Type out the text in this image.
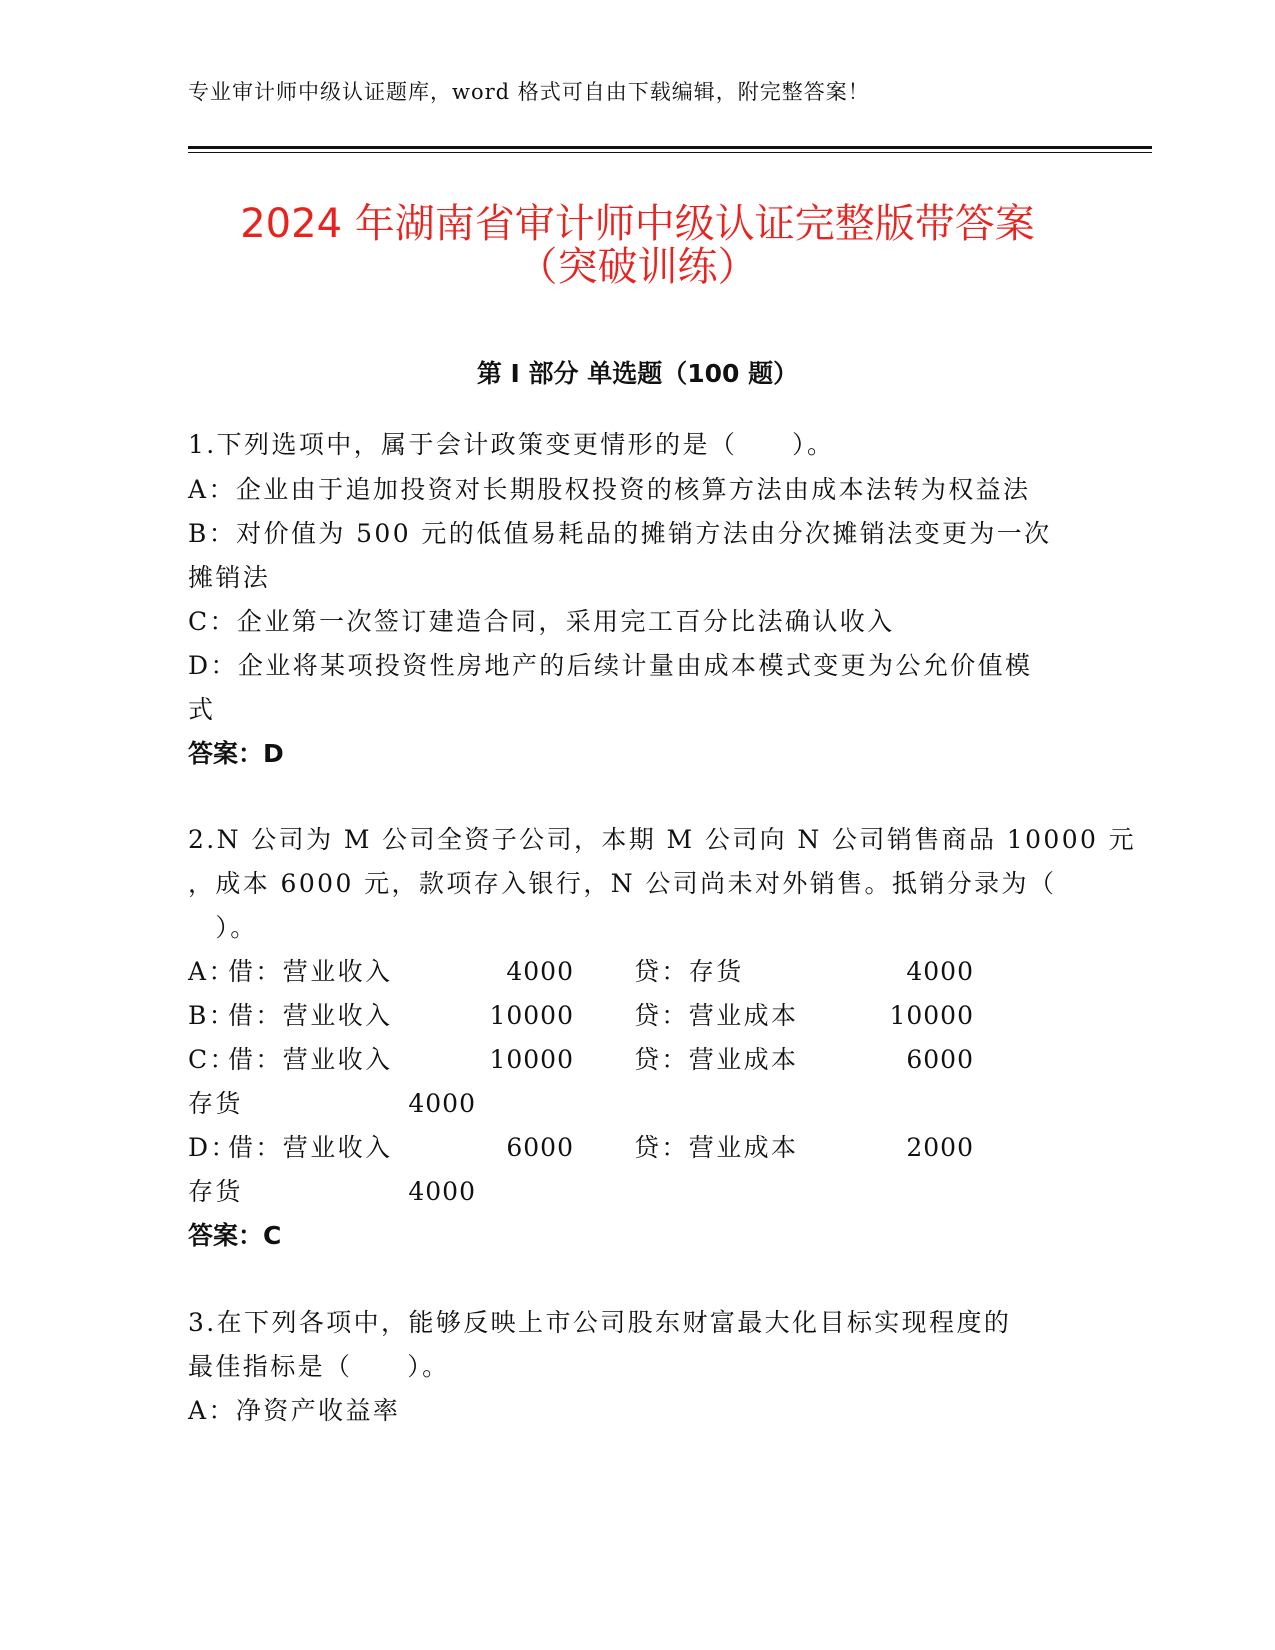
专业审计师中级认证题库，word 格式可自由下载编辑，附完整答案！
2024 年湖南省审计师中级认证完整版带答案
（突破训练）
第 I 部分 单选题（100 题）
1.下列选项中，属于会计政策变更情形的是（　　）。
A：企业由于追加投资对长期股权投资的核算方法由成本法转为权益法
B：对价值为 500 元的低值易耗品的摊销方法由分次摊销法变更为一次
摊销法
C：企业第一次签订建造合同，采用完工百分比法确认收入
D：企业将某项投资性房地产的后续计量由成本模式变更为公允价值模
式
答案：D
2.N 公司为 M 公司全资子公司，本期 M 公司向 N 公司销售商品 10000 元
，成本 6000 元，款项存入银行，N 公司尚未对外销售。抵销分录为（
　）。
A：
借：营业收入	4000 贷：存货	4000
B：
借：营业收入	10000 贷：营业成本	10000
C：
借：营业收入	10000 贷：营业成本	6000
存货	4000
D：
借：营业收入	6000 贷：营业成本	2000
存货	4000
答案：C
3.在下列各项中，能够反映上市公司股东财富最大化目标实现程度的
最佳指标是（　　）。
A：净资产收益率
